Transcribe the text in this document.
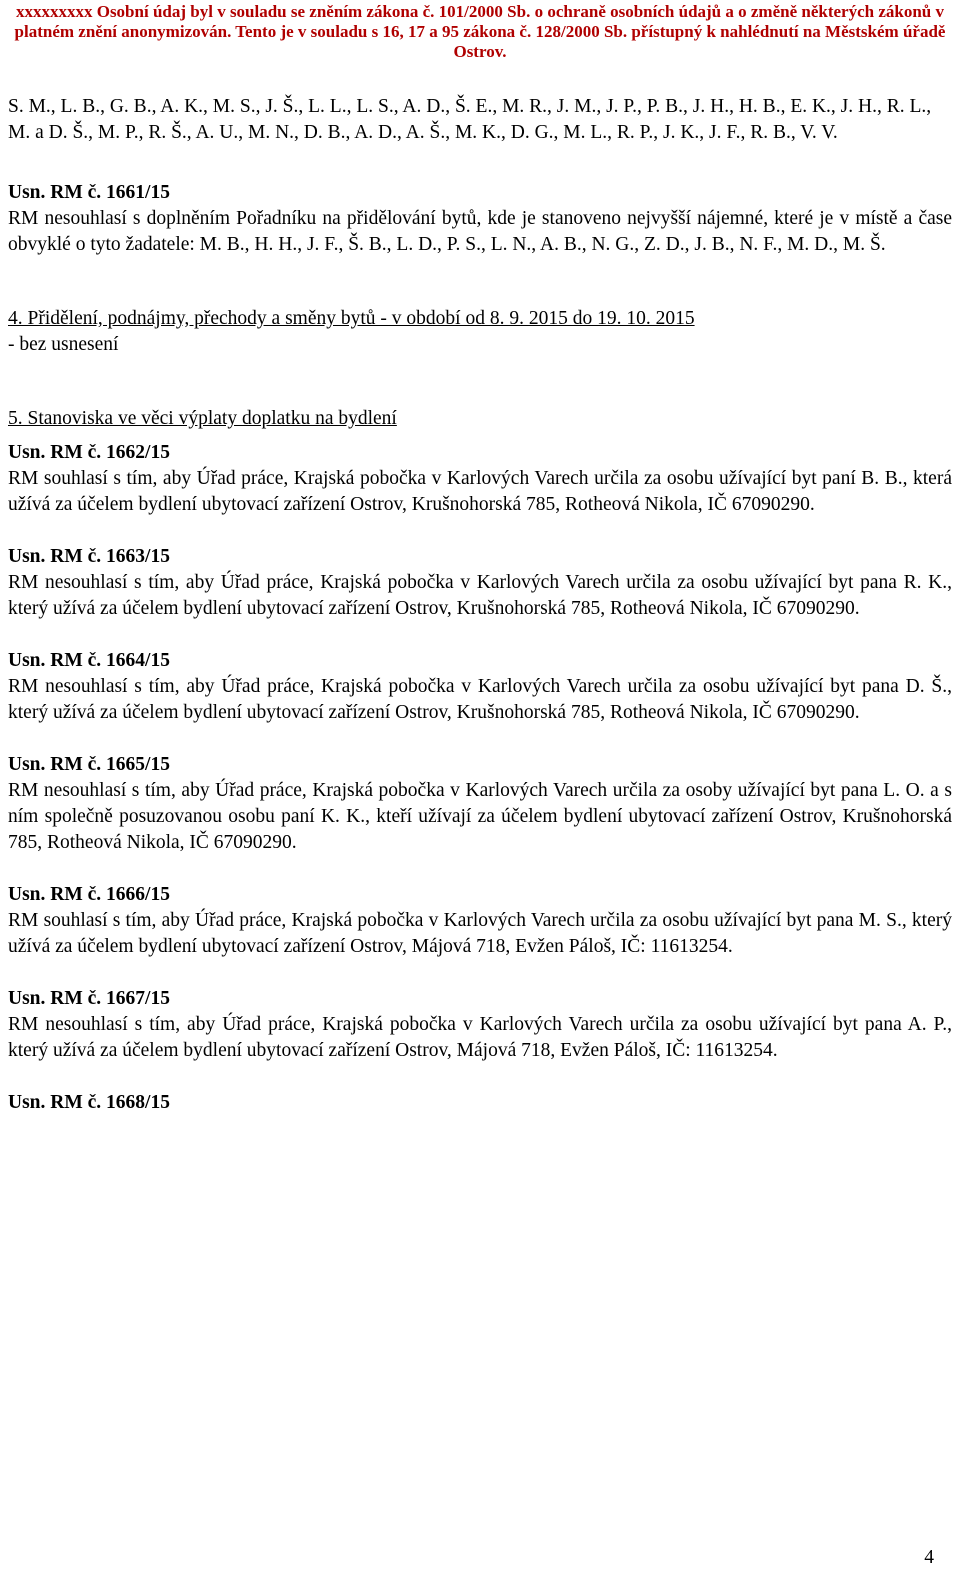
xxxxxxxxx Osobní údaj byl v souladu se zněním zákona č. 101/2000 Sb. o ochraně osobních údajů a o změně některých zákonů v platném znění anonymizován. Tento je v souladu s 16, 17 a 95 zákona č. 128/2000 Sb. přístupný k nahlédnutí na Městském úřadě Ostrov.

S. M., L. B., G. B., A. K., M. S., J. Š., L. L., L. S., A. D., Š. E., M. R., J. M., J. P., P. B., J. H., H. B., E. K., J. H., R. L., M. a D. Š., M. P., R. Š., A. U., M. N., D. B., A. D., A. Š., M. K., D. G., M. L., R. P., J. K., J. F., R. B., V. V.

Usn. RM č. 1661/15

RM nesouhlasí s doplněním Pořadníku na přidělování bytů, kde je stanoveno nejvyšší nájemné, které je v místě a čase obvyklé o tyto žadatele: M. B., H. H., J. F., Š. B., L. D., P. S., L. N., A. B., N. G., Z. D., J. B., N. F., M. D., M. Š.

4. Přidělení, podnájmy, přechody a směny bytů - v období od 8. 9. 2015 do 19. 10. 2015

- bez usnesení

5. Stanoviska ve věci výplaty doplatku na bydlení

Usn. RM č. 1662/15

RM souhlasí s tím, aby Úřad práce, Krajská pobočka v Karlových Varech určila za osobu užívající byt paní B. B., která užívá za účelem bydlení ubytovací zařízení Ostrov, Krušnohorská 785, Rotheová Nikola, IČ 67090290.

Usn. RM č. 1663/15

RM nesouhlasí s tím, aby Úřad práce, Krajská pobočka v Karlových Varech určila za osobu užívající byt pana R. K., který užívá za účelem bydlení ubytovací zařízení Ostrov, Krušnohorská 785, Rotheová Nikola, IČ 67090290.

Usn. RM č. 1664/15

RM nesouhlasí s tím, aby Úřad práce, Krajská pobočka v Karlových Varech určila za osobu užívající byt pana D. Š., který užívá za účelem bydlení ubytovací zařízení Ostrov, Krušnohorská 785, Rotheová Nikola, IČ 67090290.

Usn. RM č. 1665/15

RM nesouhlasí s tím, aby Úřad práce, Krajská pobočka v Karlových Varech určila za osoby užívající byt pana L. O. a s ním společně posuzovanou osobu paní K. K., kteří užívají za účelem bydlení ubytovací zařízení Ostrov, Krušnohorská 785, Rotheová Nikola, IČ 67090290.

Usn. RM č. 1666/15

RM souhlasí s tím, aby Úřad práce, Krajská pobočka v Karlových Varech určila za osobu užívající byt pana M. S., který užívá za účelem bydlení ubytovací zařízení Ostrov, Májová 718, Evžen Páloš, IČ: 11613254.

Usn. RM č. 1667/15

RM nesouhlasí s tím, aby Úřad práce, Krajská pobočka v Karlových Varech určila za osobu užívající byt pana A. P., který užívá za účelem bydlení ubytovací zařízení Ostrov, Májová 718, Evžen Páloš, IČ: 11613254.

Usn. RM č. 1668/15

4
